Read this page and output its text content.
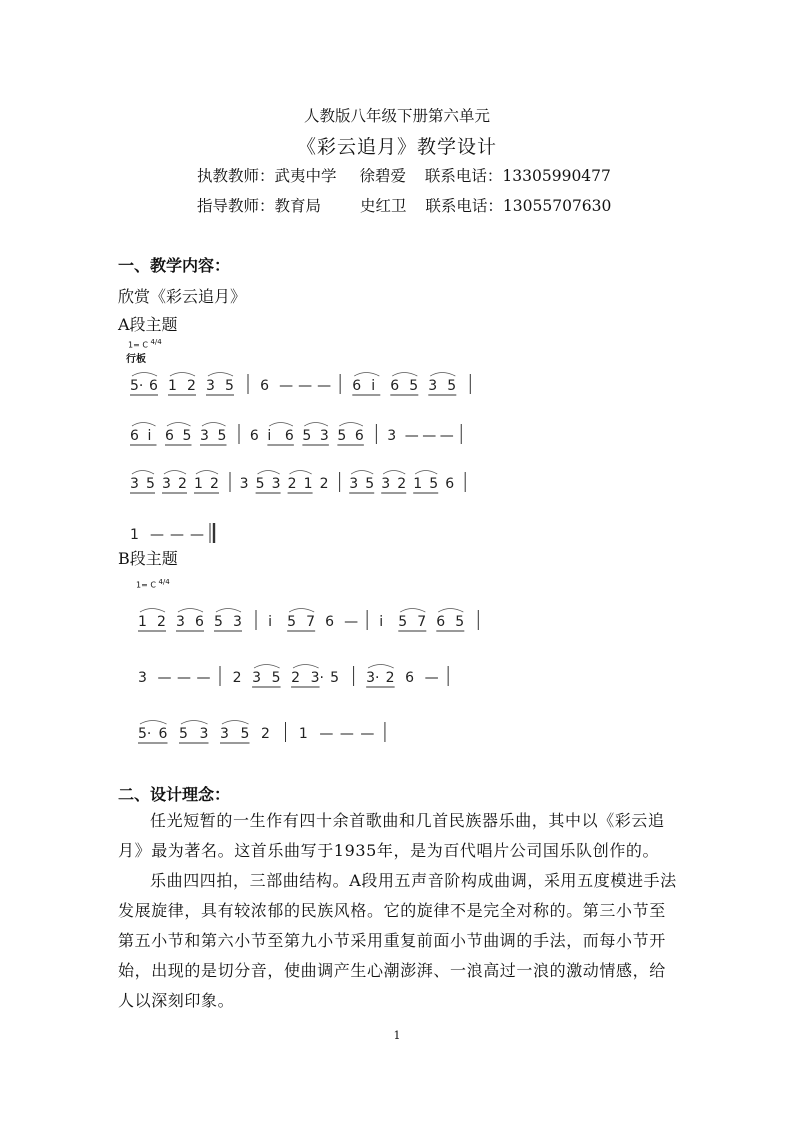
人教版八年级下册第六单元
《彩云追月》教学设计
执教教师：武夷中学 徐碧爱 联系电话：13305990477
指导教师：教育局	史红卫 联系电话：13055707630
一、教学内容：
欣赏《彩云追月》
A段主题
1= C 4/4
行板
5· 6 1 2 3 5 6 — — — 6 i 6 5 3 5
6 i 6 5 3 5 6 i 6 5 3 5 6 3 — — —
3 5 3 2 1 2 3 5 3 2 1 2 3 5 3 2 1 5 6
1 — — —
B段主题
1= C 4/4
1 2 3 6 5 3 i 5 7 6 — i 5 7 6 5
3 — — — 2 3 5 2 3· 5 3· 2 6 —
5· 6 5 3 3 5 2 1 — — —
二、设计理念：
任光短暂的一生作有四十余首歌曲和几首民族器乐曲，其中以《彩云追月》最为著名。这首乐曲写于1935年，是为百代唱片公司国乐队创作的。
乐曲四四拍，三部曲结构。A段用五声音阶构成曲调，采用五度模进手法发展旋律，具有较浓郁的民族风格。它的旋律不是完全对称的。第三小节至第五小节和第六小节至第九小节采用重复前面小节曲调的手法，而每小节开始，出现的是切分音，使曲调产生心潮澎湃、一浪高过一浪的激动情感，给人以深刻印象。
1
